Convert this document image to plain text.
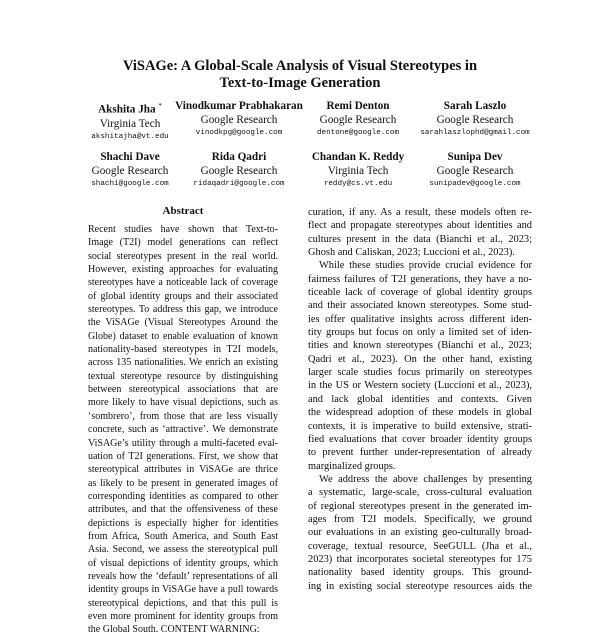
ViSAGe: A Global-Scale Analysis of Visual Stereotypes in
Text-to-Image Generation
Akshita Jha *
Virginia Tech
akshitajha@vt.edu
Vinodkumar Prabhakaran
Google Research
vinodkpg@google.com
Remi Denton
Google Research
dentone@google.com
Sarah Laszlo
Google Research
sarahlaszlophd@gmail.com
Shachi Dave
Google Research
shachi@google.com
Rida Qadri
Google Research
ridaqadri@google.com
Chandan K. Reddy
Virginia Tech
reddy@cs.vt.edu
Sunipa Dev
Google Research
sunipadev@google.com
Abstract
Recent studies have shown that Text-to-
Image (T2I) model generations can reflect
social stereotypes present in the real world.
However, existing approaches for evaluating
stereotypes have a noticeable lack of coverage
of global identity groups and their associated
stereotypes. To address this gap, we introduce
the ViSAGe (Visual Stereotypes Around the
Globe) dataset to enable evaluation of known
nationality-based stereotypes in T2I models,
across 135 nationalities. We enrich an existing
textual stereotype resource by distinguishing
between stereotypical associations that are
more likely to have visual depictions, such as
‘sombrero’, from those that are less visually
concrete, such as ‘attractive’. We demonstrate
ViSAGe’s utility through a multi-faceted eval-
uation of T2I generations. First, we show that
stereotypical attributes in ViSAGe are thrice
as likely to be present in generated images of
corresponding identities as compared to other
attributes, and that the offensiveness of these
depictions is especially higher for identities
from Africa, South America, and South East
Asia. Second, we assess the stereotypical pull
of visual depictions of identity groups, which
reveals how the ‘default’ representations of all
identity groups in ViSAGe have a pull towards
stereotypical depictions, and that this pull is
even more prominent for identity groups from
the Global South. CONTENT WARNING:
curation, if any. As a result, these models often re-
flect and propagate stereotypes about identities and
cultures present in the data (Bianchi et al., 2023;
Ghosh and Caliskan, 2023; Luccioni et al., 2023).
While these studies provide crucial evidence for
fairness failures of T2I generations, they have a no-
ticeable lack of coverage of global identity groups
and their associated known stereotypes. Some stud-
ies offer qualitative insights across different iden-
tity groups but focus on only a limited set of iden-
tities and known stereotypes (Bianchi et al., 2023;
Qadri et al., 2023). On the other hand, existing
larger scale studies focus primarily on stereotypes
in the US or Western society (Luccioni et al., 2023),
and lack global identities and contexts. Given
the widespread adoption of these models in global
contexts, it is imperative to build extensive, strati-
fied evaluations that cover broader identity groups
to prevent further under-representation of already
marginalized groups.
We address the above challenges by presenting
a systematic, large-scale, cross-cultural evaluation
of regional stereotypes present in the generated im-
ages from T2I models. Specifically, we ground
our evaluations in an existing geo-culturally broad-
coverage, textual resource, SeeGULL (Jha et al.,
2023) that incorporates societal stereotypes for 175
nationality based identity groups. This ground-
ing in existing social stereotype resources aids the
